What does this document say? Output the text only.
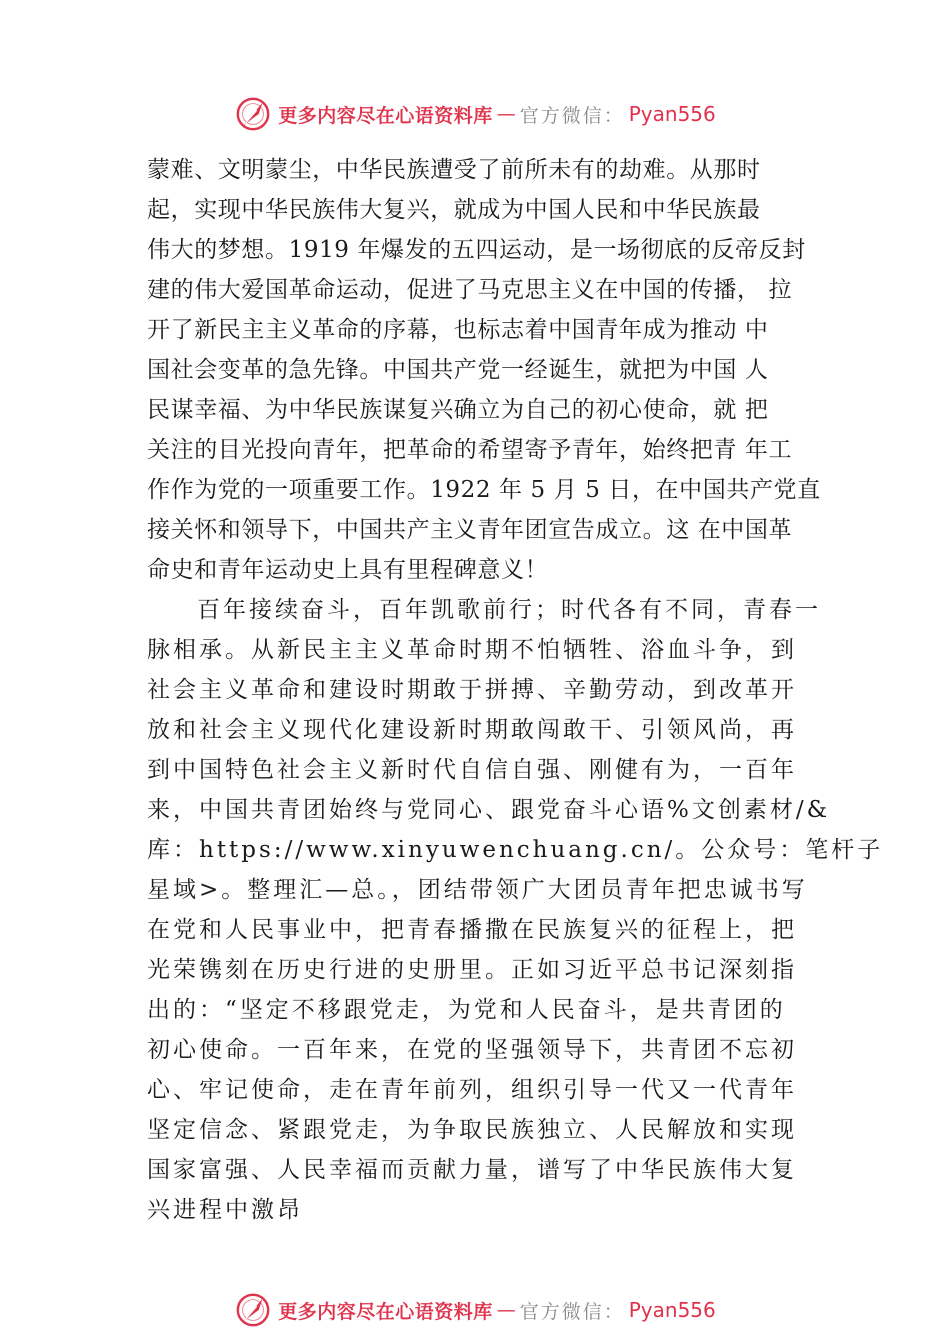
更多内容尽在心语资料库 — 官方微信： Pyan556
蒙难、文明蒙尘，中华民族遭受了前所未有的劫难。从那时
起，实现中华民族伟大复兴，就成为中国人民和中华民族最
伟大的梦想。1919 年爆发的五四运动，是一场彻底的反帝反封
建的伟大爱国革命运动，促进了马克思主义在中国的传播， 拉
开了新民主主义革命的序幕，也标志着中国青年成为推动 中
国社会变革的急先锋。中国共产党一经诞生，就把为中国 人
民谋幸福、为中华民族谋复兴确立为自己的初心使命，就 把
关注的目光投向青年，把革命的希望寄予青年，始终把青 年工
作作为党的一项重要工作。1922 年 5 月 5 日，在中国共产党直
接关怀和领导下，中国共产主义青年团宣告成立。这 在中国革
命史和青年运动史上具有里程碑意义！
百年接续奋斗，百年凯歌前行；时代各有不同，青春一
脉相承。从新民主主义革命时期不怕牺牲、浴血斗争，到
社会主义革命和建设时期敢于拼搏、辛勤劳动，到改革开
放和社会主义现代化建设新时期敢闯敢干、引领风尚，再
到中国特色社会主义新时代自信自强、刚健有为，一百年
来，中国共青团始终与党同心、跟党奋斗心语%文创素材/&
库：https://www.xinyuwenchuang.cn/。公众号：笔杆子
星域>。整理汇—总。，团结带领广大团员青年把忠诚书写
在党和人民事业中，把青春播撒在民族复兴的征程上，把
光荣镌刻在历史行进的史册里。正如习近平总书记深刻指
出的：“坚定不移跟党走，为党和人民奋斗，是共青团的
初心使命。一百年来，在党的坚强领导下，共青团不忘初
心、牢记使命，走在青年前列，组织引导一代又一代青年
坚定信念、紧跟党走，为争取民族独立、人民解放和实现
国家富强、人民幸福而贡献力量，谱写了中华民族伟大复
兴进程中激昂
更多内容尽在心语资料库 — 官方微信： Pyan556
